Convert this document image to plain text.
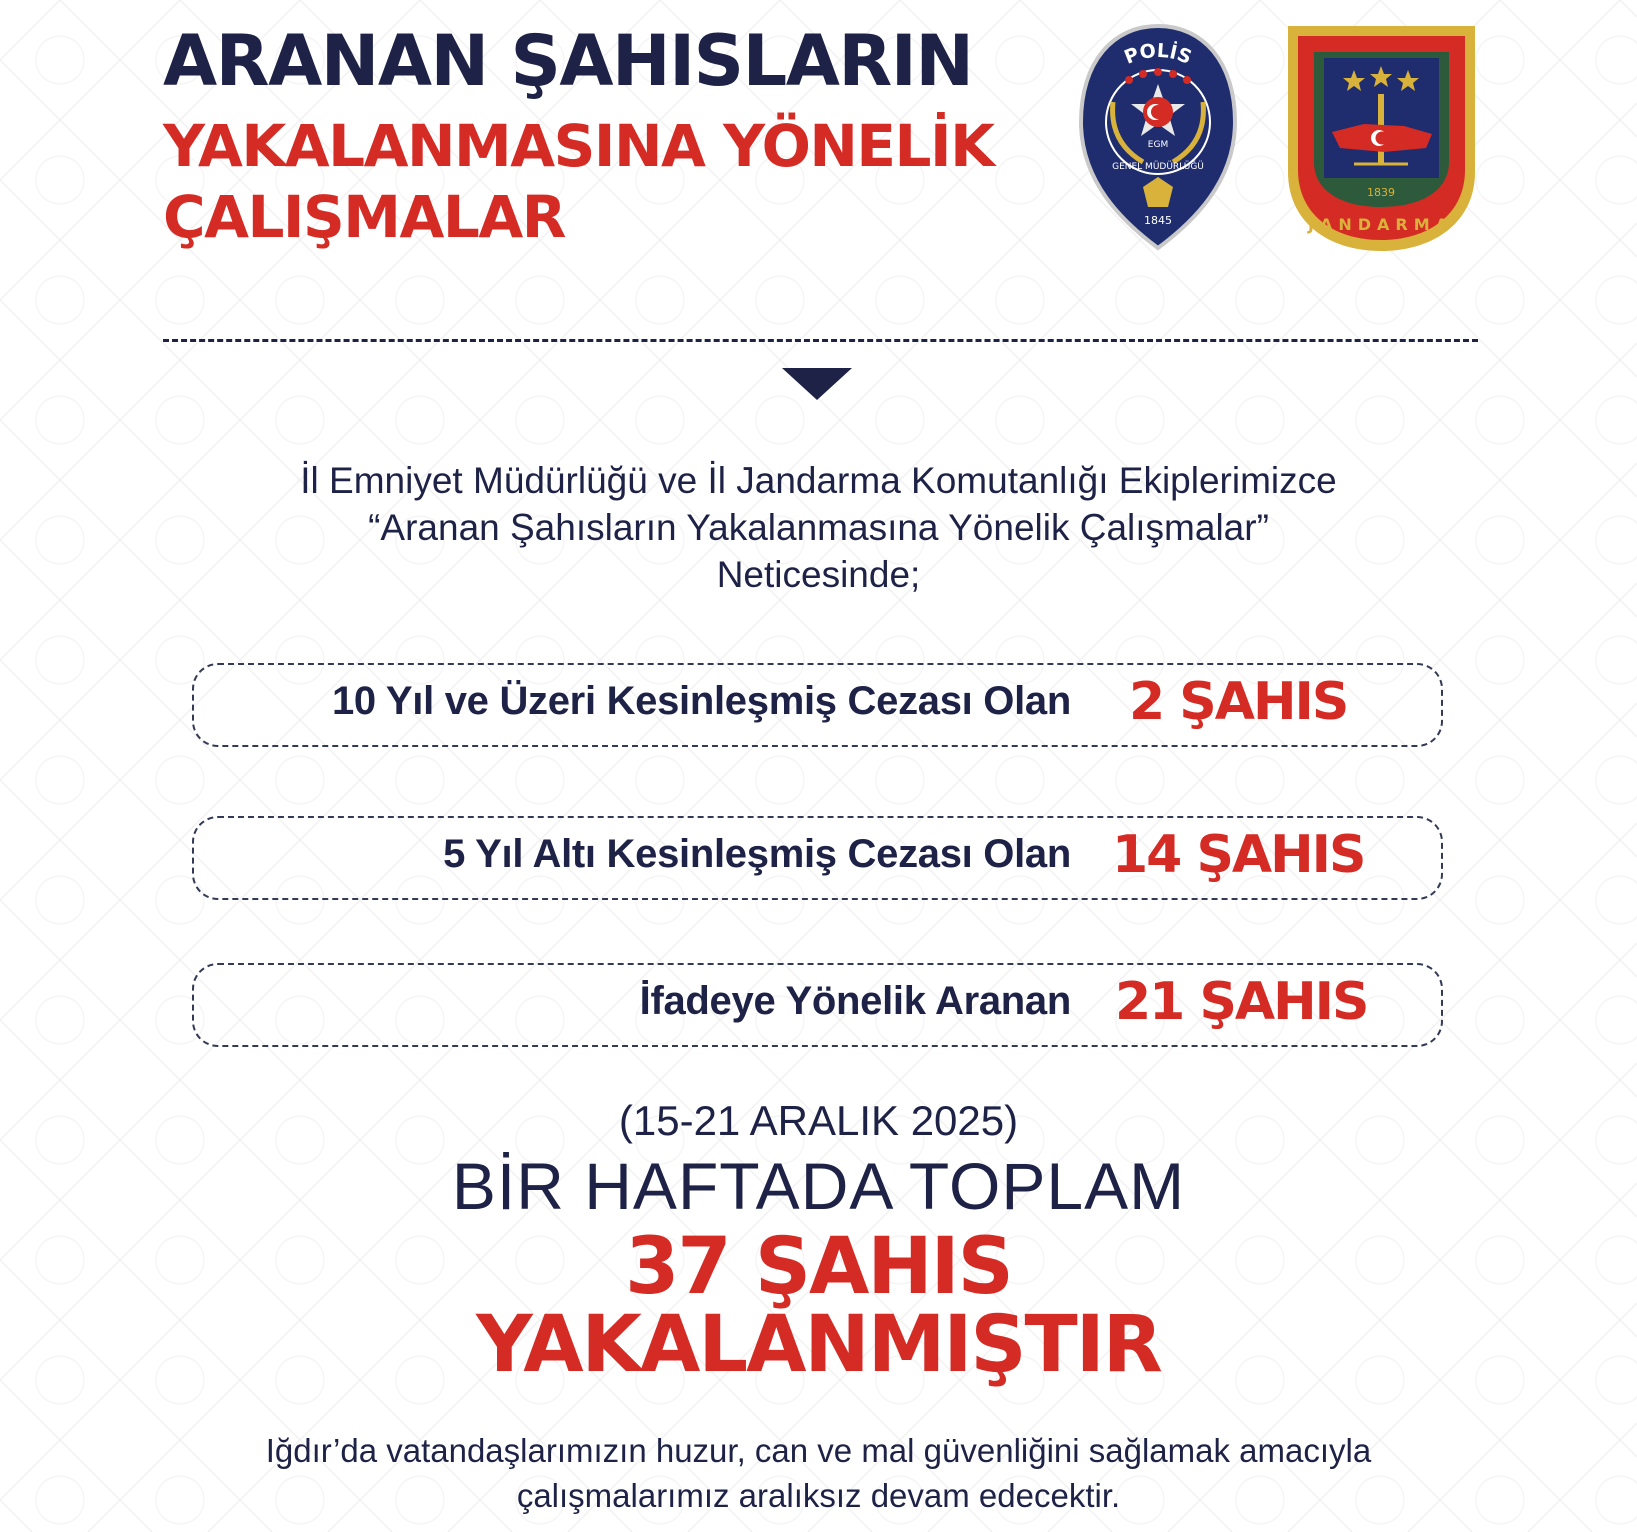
ARANAN ŞAHISLARIN
YAKALANMASINA YÖNELİK
ÇALIŞMALAR
POLİS
EGM
GENEL MÜDÜRLÜĞÜ
1845
1839
JANDARMA
İl Emniyet Müdürlüğü ve İl Jandarma Komutanlığı Ekiplerimizce
“Aranan Şahısların Yakalanmasına Yönelik Çalışmalar”
Neticesinde;
10 Yıl ve Üzeri Kesinleşmiş Cezası Olan 2 ŞAHIS
5 Yıl Altı Kesinleşmiş Cezası Olan 14 ŞAHIS
İfadeye Yönelik Aranan 21 ŞAHIS
(15-21 ARALIK 2025)
BİR HAFTADA TOPLAM
37 ŞAHIS
YAKALANMIŞTIR
Iğdır’da vatandaşlarımızın huzur, can ve mal güvenliğini sağlamak amacıyla
çalışmalarımız aralıksız devam edecektir.
